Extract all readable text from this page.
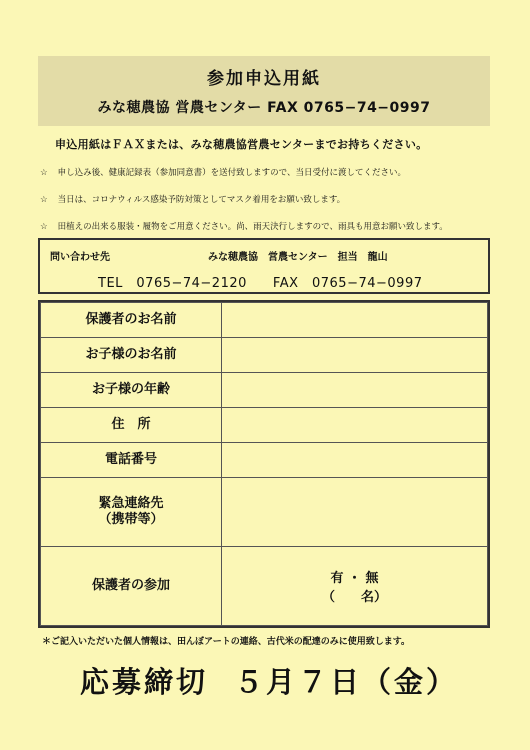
参加申込用紙
みな穂農協 営農センター FAX 0765−74−0997
申込用紙はＦＡＸまたは、みな穂農協営農センターまでお持ちください。
☆ 申し込み後、健康記録表（参加同意書）を送付致しますので、当日受付に渡してください。
☆ 当日は、コロナウィルス感染予防対策としてマスク着用をお願い致します。
☆ 田植えの出来る服装・履物をご用意ください。尚、雨天決行しますので、雨具も用意お願い致します。
問い合わせ先	みな穂農協　営農センター　担当　龍山
TEL　0765−74−2120 FAX　0765−74−0997
保護者のお名前	
お子様のお名前	
お子様の年齢	
住　所	
電話番号	

緊急連絡先
（携帯等）	

保護者の参加	有 ・ 無
（　　名）
＊ご記入いただいた個人情報は、田んぼアートの連絡、古代米の配達のみに使用致します。
応募締切 ５月７日（金）
